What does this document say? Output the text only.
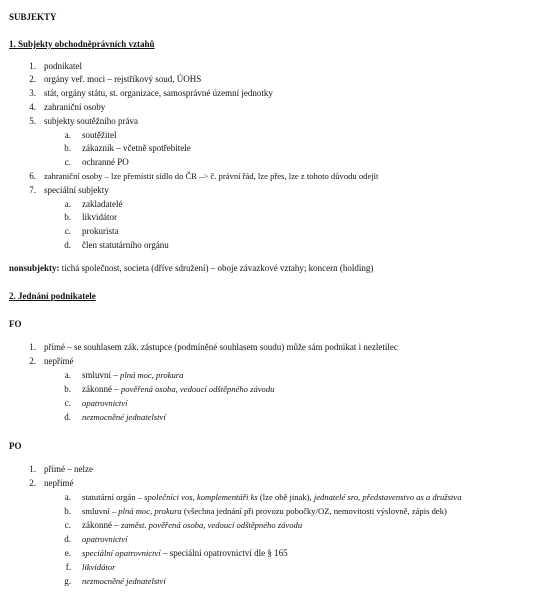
SUBJEKTY
1. Subjekty obchodněprávních vztahů
1. podnikatel
2. orgány veř. moci – rejstříkový soud, ÚOHS
3. stát, orgány státu, st. organizace, samosprávné územní jednotky
4. zahraniční osoby
5. subjekty soutěžního práva
a. soutěžitel
b. zákazník – včetně spotřebitele
c. ochranné PO
6. zahraniční osoby – lze přemístit sídlo do ČR –> č. právní řád, lze přes, lze z tohoto důvodu odejít
7. speciální subjekty
a. zakladatelé
b. likvidátor
c. prokurista
d. člen statutárního orgánu
nonsubjekty: tichá společnost, societa (dříve sdružení) – oboje závazkové vztahy; koncern (holding)
2. Jednání podnikatele
FO
1. přímé – se souhlasem zák. zástupce (podmíněné souhlasem soudu) může sám podnikat i nezletilec
2. nepřímé
a. smluvní – plná moc, prokura
b. zákonné – pověřená osoba, vedoucí odštěpného závodu
c. opatrovnictví
d. nezmocněné jednatelství
PO
1. přímé – nelze
2. nepřímé
a. statutární orgán – společníci vos, komplementáři ks (lze obě jinak), jednatelé sro, představenstvo as a družstva
b. smluvní – plná moc, prokura (všechna jednání při provozu pobočky/OZ, nemovitosti výslovně, zápis dek)
c. zákonné – zaměst. pověřená osoba, vedoucí odštěpného závodu
d. opatrovnictví
e. speciální opatrovnictví – speciální opatrovnictví dle § 165
f. likvidátor
g. nezmocněné jednatelství
